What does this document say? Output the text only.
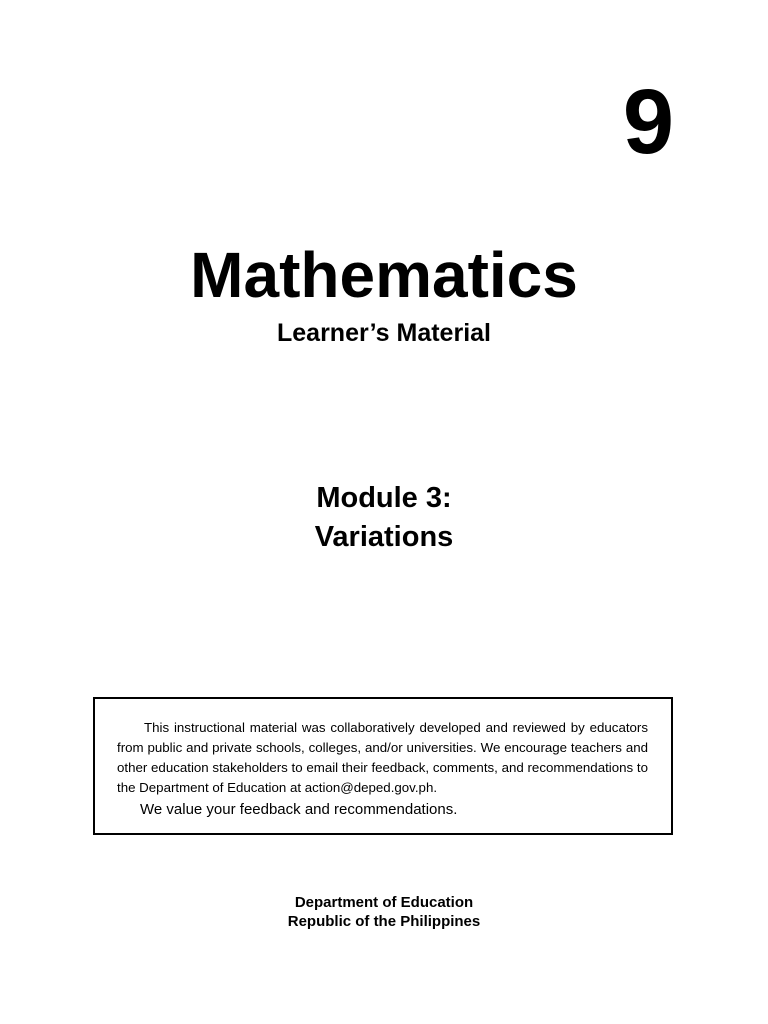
9
Mathematics
Learner’s Material
Module 3:
Variations

This instructional material was collaboratively developed and reviewed by educators from public and private schools, colleges, and/or universities. We encourage teachers and other education stakeholders to email their feedback, comments, and recommendations to the Department of Education at action@deped.gov.ph.

We value your feedback and recommendations.

Department of Education
Republic of the Philippines
